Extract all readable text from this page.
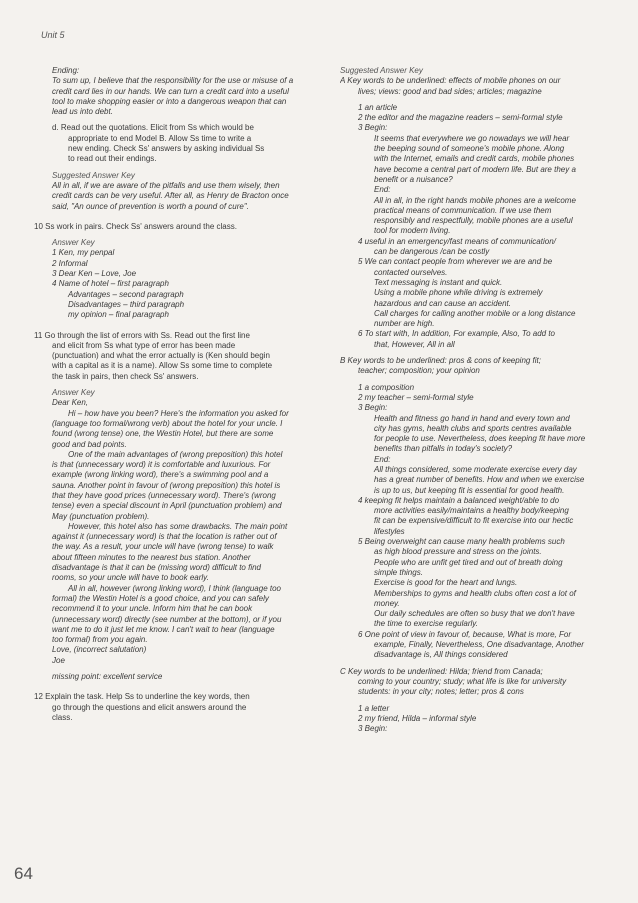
Unit 5
Ending:
To sum up, I believe that the responsibility for the use or misuse of a
credit card lies in our hands. We can turn a credit card into a useful
tool to make shopping easier or into a dangerous weapon that can
lead us into debt.
d. Read out the quotations. Elicit from Ss which would be
appropriate to end Model B. Allow Ss time to write a
new ending. Check Ss' answers by asking individual Ss
to read out their endings.
Suggested Answer Key
All in all, if we are aware of the pitfalls and use them wisely, then
credit cards can be very useful. After all, as Henry de Bracton once
said, "An ounce of prevention is worth a pound of cure".
10 Ss work in pairs. Check Ss' answers around the class.
Answer Key
1 Ken, my penpal
2 Informal
3 Dear Ken – Love, Joe
4 Name of hotel – first paragraph
Advantages – second paragraph
Disadvantages – third paragraph
my opinion – final paragraph
11 Go through the list of errors with Ss. Read out the first line
and elicit from Ss what type of error has been made
(punctuation) and what the error actually is (Ken should begin
with a capital as it is a name). Allow Ss some time to complete
the task in pairs, then check Ss' answers.
Answer Key
Dear Ken,
Hi – how have you been? Here's the information you asked for
(language too formal/wrong verb) about the hotel for your uncle. I
found (wrong tense) one, the Westin Hotel, but there are some
good and bad points.
One of the main advantages of (wrong preposition) this hotel
is that (unnecessary word) it is comfortable and luxurious. For
example (wrong linking word), there's a swimming pool and a
sauna. Another point in favour of (wrong preposition) this hotel is
that they have good prices (unnecessary word). There's (wrong
tense) even a special discount in April (punctuation problem) and
May (punctuation problem).
However, this hotel also has some drawbacks. The main point
against it (unnecessary word) is that the location is rather out of
the way. As a result, your uncle will have (wrong tense) to walk
about fifteen minutes to the nearest bus station. Another
disadvantage is that it can be (missing word) difficult to find
rooms, so your uncle will have to book early.
All in all, however (wrong linking word), I think (language too
formal) the Westin Hotel is a good choice, and you can safely
recommend it to your uncle. Inform him that he can book
(unnecessary word) directly (see number at the bottom), or if you
want me to do it just let me know. I can't wait to hear (language
too formal) from you again.
Love, (incorrect salutation)
Joe
missing point: excellent service
12 Explain the task. Help Ss to underline the key words, then
go through the questions and elicit answers around the
class.
Suggested Answer Key
A Key words to be underlined: effects of mobile phones on our
lives; views: good and bad sides; articles; magazine
1 an article
2 the editor and the magazine readers – semi-formal style
3 Begin:
It seems that everywhere we go nowadays we will hear
the beeping sound of someone's mobile phone. Along
with the Internet, emails and credit cards, mobile phones
have become a central part of modern life. But are they a
benefit or a nuisance?
End:
All in all, in the right hands mobile phones are a welcome
practical means of communication. If we use them
responsibly and respectfully, mobile phones are a useful
tool for modern living.
4 useful in an emergency/fast means of communication/
can be dangerous /can be costly
5 We can contact people from wherever we are and be
contacted ourselves.
Text messaging is instant and quick.
Using a mobile phone while driving is extremely
hazardous and can cause an accident.
Call charges for calling another mobile or a long distance
number are high.
6 To start with, In addition, For example, Also, To add to
that, However, All in all
B Key words to be underlined: pros & cons of keeping fit;
teacher; composition; your opinion
1 a composition
2 my teacher – semi-formal style
3 Begin:
Health and fitness go hand in hand and every town and
city has gyms, health clubs and sports centres available
for people to use. Nevertheless, does keeping fit have more
benefits than pitfalls in today's society?
End:
All things considered, some moderate exercise every day
has a great number of benefits. How and when we exercise
is up to us, but keeping fit is essential for good health.
4 keeping fit helps maintain a balanced weight/able to do
more activities easily/maintains a healthy body/keeping
fit can be expensive/difficult to fit exercise into our hectic
lifestyles
5 Being overweight can cause many health problems such
as high blood pressure and stress on the joints.
People who are unfit get tired and out of breath doing
simple things.
Exercise is good for the heart and lungs.
Memberships to gyms and health clubs often cost a lot of
money.
Our daily schedules are often so busy that we don't have
the time to exercise regularly.
6 One point of view in favour of, because, What is more, For
example, Finally, Nevertheless, One disadvantage, Another
disadvantage is, All things considered
C Key words to be underlined: Hilda; friend from Canada;
coming to your country; study; what life is like for university
students: in your city; notes; letter; pros & cons
1 a letter
2 my friend, Hilda – informal style
3 Begin:
64
